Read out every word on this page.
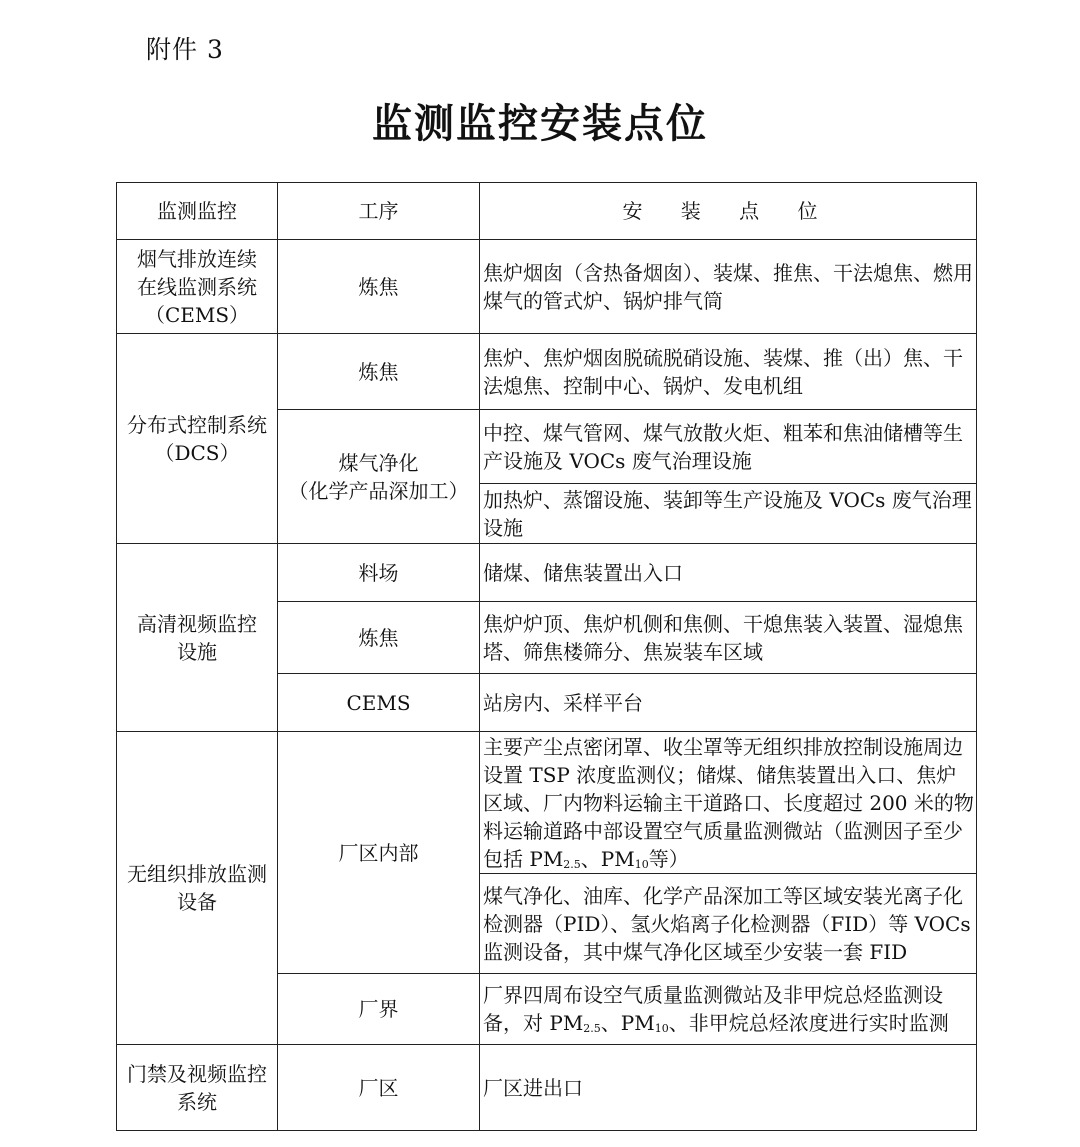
附件 3
监测监控安装点位
监测监控	工序	安 装 点 位

烟气排放连续
在线监测系统
（CEMS）	炼焦	焦炉烟囱（含热备烟囱）、装煤、推焦、干法熄焦、燃用煤气的管式炉、锅炉排气筒

分布式控制系统
（DCS）	炼焦	焦炉、焦炉烟囱脱硫脱硝设施、装煤、推（出）焦、干法熄焦、控制中心、锅炉、发电机组

	煤气净化
（化学产品深加工）	中控、煤气管网、煤气放散火炬、粗苯和焦油储槽等生产设施及 VOCs 废气治理设施
		加热炉、蒸馏设施、装卸等生产设施及 VOCs 废气治理设施

高清视频监控
设施	料场	储煤、储焦装置出入口
	炼焦	焦炉炉顶、焦炉机侧和焦侧、干熄焦装入装置、湿熄焦塔、筛焦楼筛分、焦炭装车区域
	CEMS	站房内、采样平台

无组织排放监测
设备	厂区内部	主要产尘点密闭罩、收尘罩等无组织排放控制设施周边设置 TSP 浓度监测仪；储煤、储焦装置出入口、焦炉区域、厂内物料运输主干道路口、长度超过 200 米的物料运输道路中部设置空气质量监测微站（监测因子至少包括 $PM_{2.5}$、$PM_{10}$等）
		煤气净化、油库、化学产品深加工等区域安装光离子化检测器（PID）、氢火焰离子化检测器（FID）等 VOCs 监测设备，其中煤气净化区域至少安装一套 FID
	厂界	厂界四周布设空气质量监测微站及非甲烷总烃监测设备，对 $PM_{2.5}$、$PM_{10}$、非甲烷总烃浓度进行实时监测

门禁及视频监控
系统	厂区	厂区进出口
